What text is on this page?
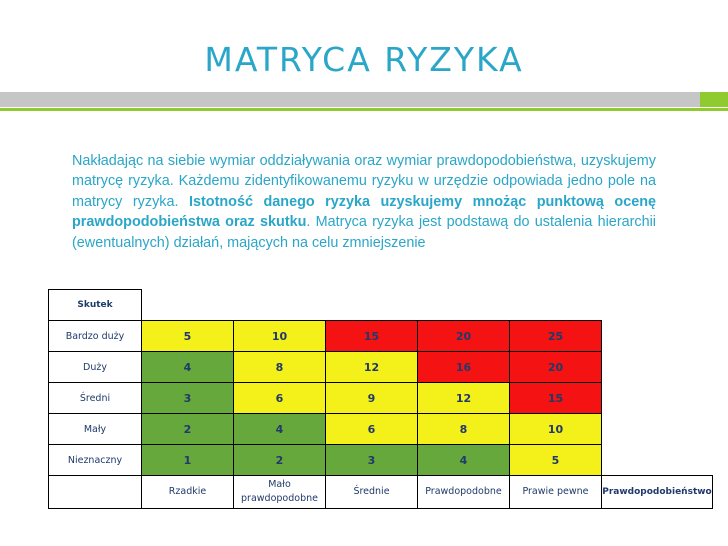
MATRYCA RYZYKA

Nakładając na siebie wymiar oddziaływania oraz wymiar prawdopodobieństwa, uzyskujemy matrycę ryzyka. Każdemu zidentyfikowanemu ryzyku w urzędzie odpowiada jedno pole na matrycy ryzyka. Istotność danego ryzyka uzyskujemy mnożąc punktową ocenę prawdopodobieństwa oraz skutku. Matryca ryzyka jest podstawą do ustalenia hierarchii (ewentualnych) działań, mających na celu zmniejszenie

Skutek						
Bardzo duży	5	10	15	20	25	
Duży	4	8	12	16	20	
Średni	3	6	9	12	15	
Mały	2	4	6	8	10	
Nieznaczny	1	2	3	4	5	
	Rzadkie	Mało prawdopodobne	Średnie	Prawdopodobne	Prawie pewne	Prawdopodobieństwo
